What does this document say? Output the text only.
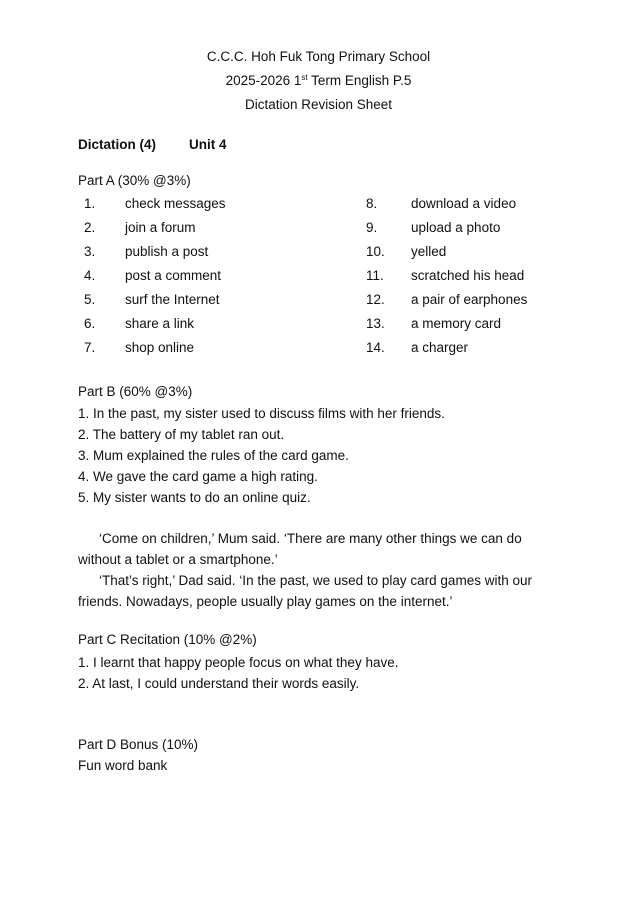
C.C.C. Hoh Fuk Tong Primary School
2025-2026 1st Term English P.5
Dictation Revision Sheet
Dictation (4) Unit 4
Part A (30% @3%)
1. check messages
2. join a forum
3. publish a post
4. post a comment
5. surf the Internet
6. share a link
7. shop online
8. download a video
9. upload a photo
10. yelled
11. scratched his head
12. a pair of earphones
13. a memory card
14. a charger
Part B (60% @3%)
1. In the past, my sister used to discuss films with her friends.
2. The battery of my tablet ran out.
3. Mum explained the rules of the card game.
4. We gave the card game a high rating.
5. My sister wants to do an online quiz.

‘Come on children,’ Mum said. ‘There are many other things we can do without a tablet or a smartphone.’

‘That’s right,’ Dad said. ‘In the past, we used to play card games with our friends. Nowadays, people usually play games on the internet.’

Part C Recitation (10% @2%)
1. I learnt that happy people focus on what they have.
2. At last, I could understand their words easily.
Part D Bonus (10%)
Fun word bank
